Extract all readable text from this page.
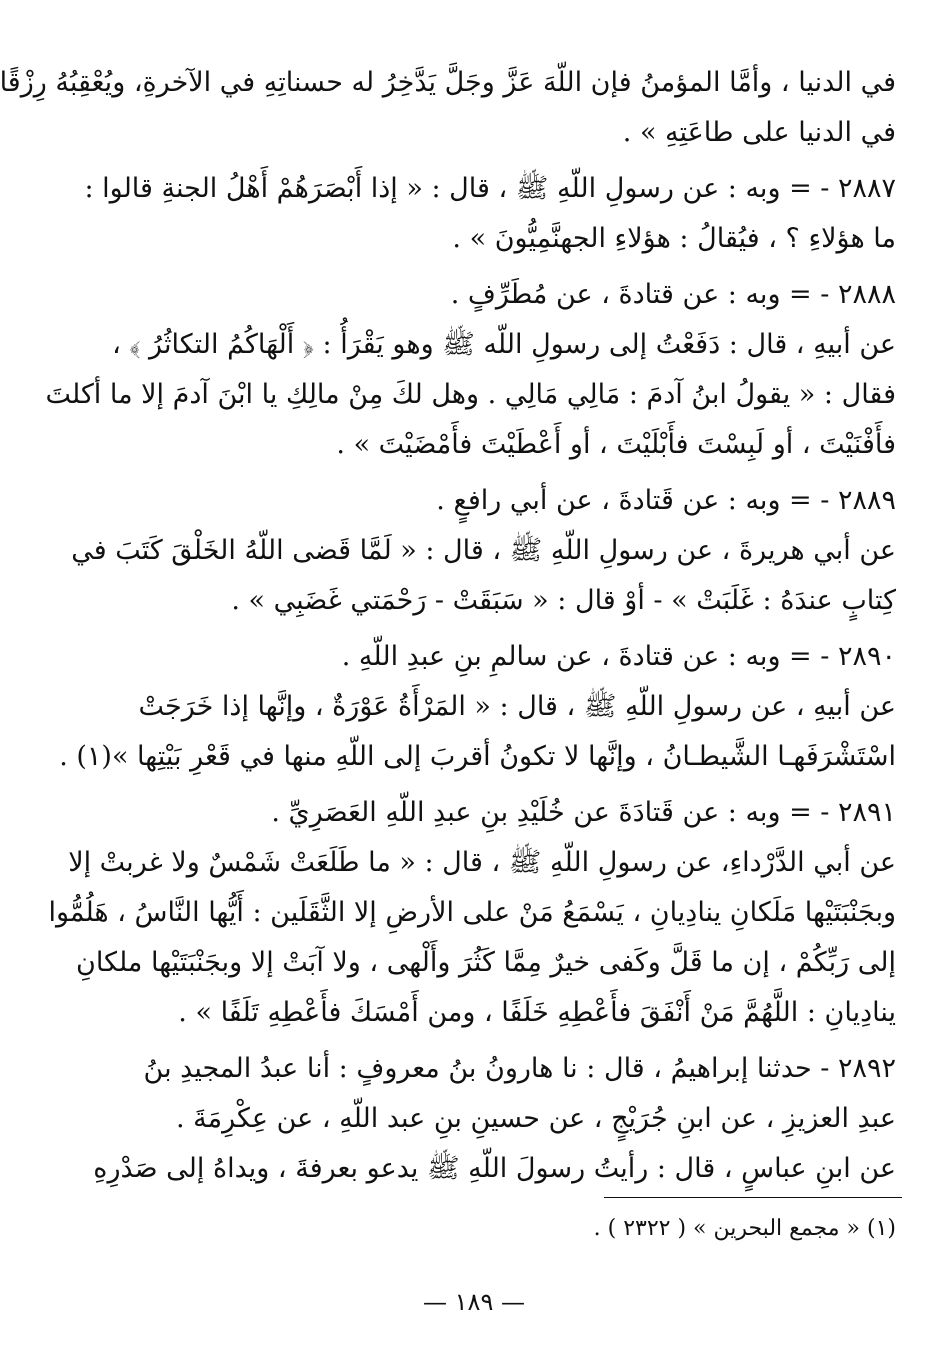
في الدنيا ، وأمَّا المؤمنُ فإن اللّهَ عَزَّ وجَلَّ يَدَّخِرُ له حسناتِهِ في الآخرةِ، ويُعْقِبُهُ رِزْقًا

في الدنيا على طاعَتِهِ » .

٢٨٨٧ - = وبه : عن رسولِ اللّهِ ﷺ ، قال : « إذا أَبْصَرَهُمْ أَهْلُ الجنةِ قالوا :

ما هؤلاءِ ؟ ، فيُقالُ : هؤلاءِ الجهنَّمِيُّونَ » .

٢٨٨٨ - = وبه : عن قتادةَ ، عن مُطَرِّفٍ .

عن أبيهِ ، قال : دَفَعْتُ إلى رسولِ اللّه ﷺ وهو يَقْرَأُ : ﴿ أَلْهَاكُمُ التكاثُرُ ﴾ ،

فقال : « يقولُ ابنُ آدمَ : مَالِي مَالِي . وهل لكَ مِنْ مالِكِ يا ابْنَ آدمَ إلا ما أكلتَ

فأَفْنَيْتَ ، أو لَبِسْتَ فأَبْلَيْتَ ، أو أَعْطَيْتَ فأَمْضَيْتَ » .

٢٨٨٩ - = وبه : عن قَتادةَ ، عن أبي رافعٍ .

عن أبي هريرةَ ، عن رسولِ اللّهِ ﷺ ، قال : « لَمَّا قَضى اللّهُ الخَلْقَ كَتَبَ في

كِتابٍ عندَهُ : غَلَبَتْ » - أوْ قال : « سَبَقَتْ - رَحْمَتي غَضَبِي » .

٢٨٩٠ - = وبه : عن قتادةَ ، عن سالمِ بنِ عبدِ اللّهِ .

عن أبيهِ ، عن رسولِ اللّهِ ﷺ ، قال : « المَرْأَةُ عَوْرَةٌ ، وإنَّها إذا خَرَجَتْ

اسْتَشْرَفَهـا الشَّيطـانُ ، وإنَّها لا تكونُ أقربَ إلى اللّهِ منها في قَعْرِ بَيْتِها »(١) .

٢٨٩١ - = وبه : عن قَتادَةَ عن خُلَيْدِ بنِ عبدِ اللّهِ العَصَرِيِّ .

عن أبي الدَّرْداءِ، عن رسولِ اللّهِ ﷺ ، قال : « ما طَلَعَتْ شَمْسٌ ولا غربتْ إلا

وبجَنْبَتَيْها مَلَكانِ ينادِيانِ ، يَسْمَعُ مَنْ على الأرضِ إلا الثَّقَلَين : أَيُّها النَّاسُ ، هَلُمُّوا

إلى رَبِّكُمْ ، إن ما قَلَّ وكَفى خيرٌ مِمَّا كَثُرَ وأَلْهى ، ولا آبَتْ إلا وبجَنْبَتَيْها ملكانِ

ينادِيانِ : اللَّهُمَّ مَنْ أَنْفَقَ فأَعْطِهِ خَلَفًا ، ومن أَمْسَكَ فأَعْطِهِ تَلَفًا » .

٢٨٩٢ - حدثنا إبراهيمُ ، قال : نا هارونُ بنُ معروفٍ : أنا عبدُ المجيدِ بنُ

عبدِ العزيزِ ، عن ابنِ جُرَيْجٍ ، عن حسينِ بنِ عبد اللّهِ ، عن عِكْرِمَةَ .

عن ابنِ عباسٍ ، قال : رأيتُ رسولَ اللّهِ ﷺ يدعو بعرفةَ ، ويداهُ إلى صَدْرِهِ

(١) « مجمع البحرين » ( ٢٣٢٢ ) .
— ١٨٩ —
